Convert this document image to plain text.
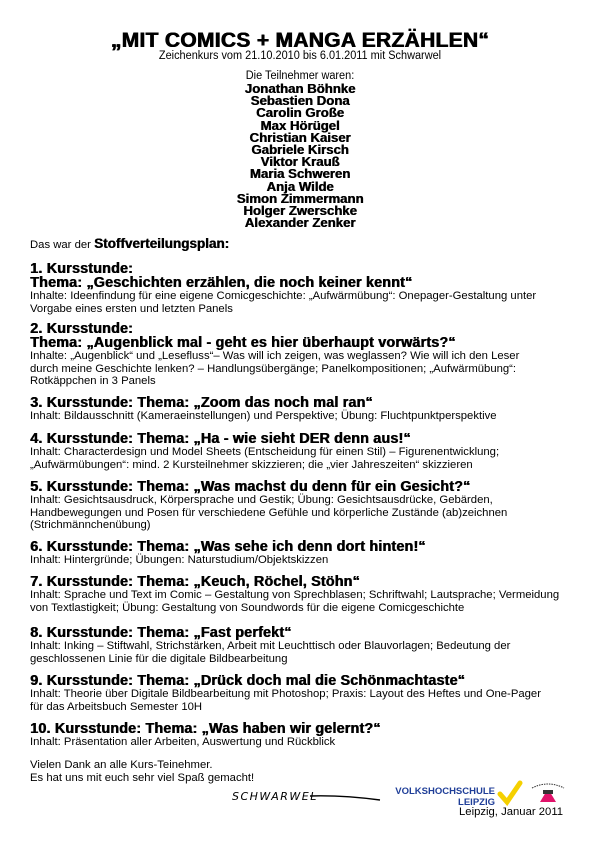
„MIT COMICS + MANGA ERZÄHLEN“
Zeichenkurs vom 21.10.2010 bis 6.01.2011 mit Schwarwel
Die Teilnehmer waren:
Jonathan Böhnke
Sebastien Dona
Carolin Große
Max Hörügel
Christian Kaiser
Gabriele Kirsch
Viktor Krauß
Maria Schweren
Anja Wilde
Simon Zimmermann
Holger Zwerschke
Alexander Zenker
Das war der Stoffverteilungsplan:
1. Kursstunde:
Thema: „Geschichten erzählen, die noch keiner kennt“
Inhalte: Ideenfindung für eine eigene Comicgeschichte: „Aufwärmübung“: Onepager-Gestaltung unter
Vorgabe eines ersten und letzten Panels
2. Kursstunde:
Thema: „Augenblick mal - geht es hier überhaupt vorwärts?“
Inhalte: „Augenblick“ und „Lesefluss“– Was will ich zeigen, was weglassen? Wie will ich den Leser
durch meine Geschichte lenken? – Handlungsübergänge; Panelkompositionen; „Aufwärmübung“:
Rotkäppchen in 3 Panels
3. Kursstunde: Thema: „Zoom das noch mal ran“
Inhalt: Bildausschnitt (Kameraeinstellungen) und Perspektive; Übung: Fluchtpunktperspektive
4. Kursstunde: Thema: „Ha - wie sieht DER denn aus!“
Inhalt: Characterdesign und Model Sheets (Entscheidung für einen Stil) – Figurenentwicklung;
„Aufwärmübungen“: mind. 2 Kursteilnehmer skizzieren; die „vier Jahreszeiten“ skizzieren
5. Kursstunde: Thema: „Was machst du denn für ein Gesicht?“
Inhalt: Gesichtsausdruck, Körpersprache und Gestik; Übung: Gesichtsausdrücke, Gebärden,
Handbewegungen und Posen für verschiedene Gefühle und körperliche Zustände (ab)zeichnen
(Strichmännchenübung)
6. Kursstunde: Thema: „Was sehe ich denn dort hinten!“
Inhalt: Hintergründe; Übungen: Naturstudium/Objektskizzen
7. Kursstunde: Thema: „Keuch, Röchel, Stöhn“
Inhalt: Sprache und Text im Comic – Gestaltung von Sprechblasen; Schriftwahl; Lautsprache; Vermeidung
von Textlastigkeit; Übung: Gestaltung von Soundwords für die eigene Comicgeschichte
8. Kursstunde: Thema: „Fast perfekt“
Inhalt: Inking – Stiftwahl, Strichstärken, Arbeit mit Leuchttisch oder Blauvorlagen; Bedeutung der
geschlossenen Linie für die digitale Bildbearbeitung
9. Kursstunde: Thema: „Drück doch mal die Schönmachtaste“
Inhalt: Theorie über Digitale Bildbearbeitung mit Photoshop; Praxis: Layout des Heftes und One-Pager
für das Arbeitsbuch Semester 10H
10. Kursstunde: Thema: „Was haben wir gelernt?“
Inhalt: Präsentation aller Arbeiten, Auswertung und Rückblick
Vielen Dank an alle Kurs-Teinehmer.
Es hat uns mit euch sehr viel Spaß gemacht!
SCHWARWEL	VOLKSHOCHSCHULE
LEIPZIG
Leipzig, Januar 2011
